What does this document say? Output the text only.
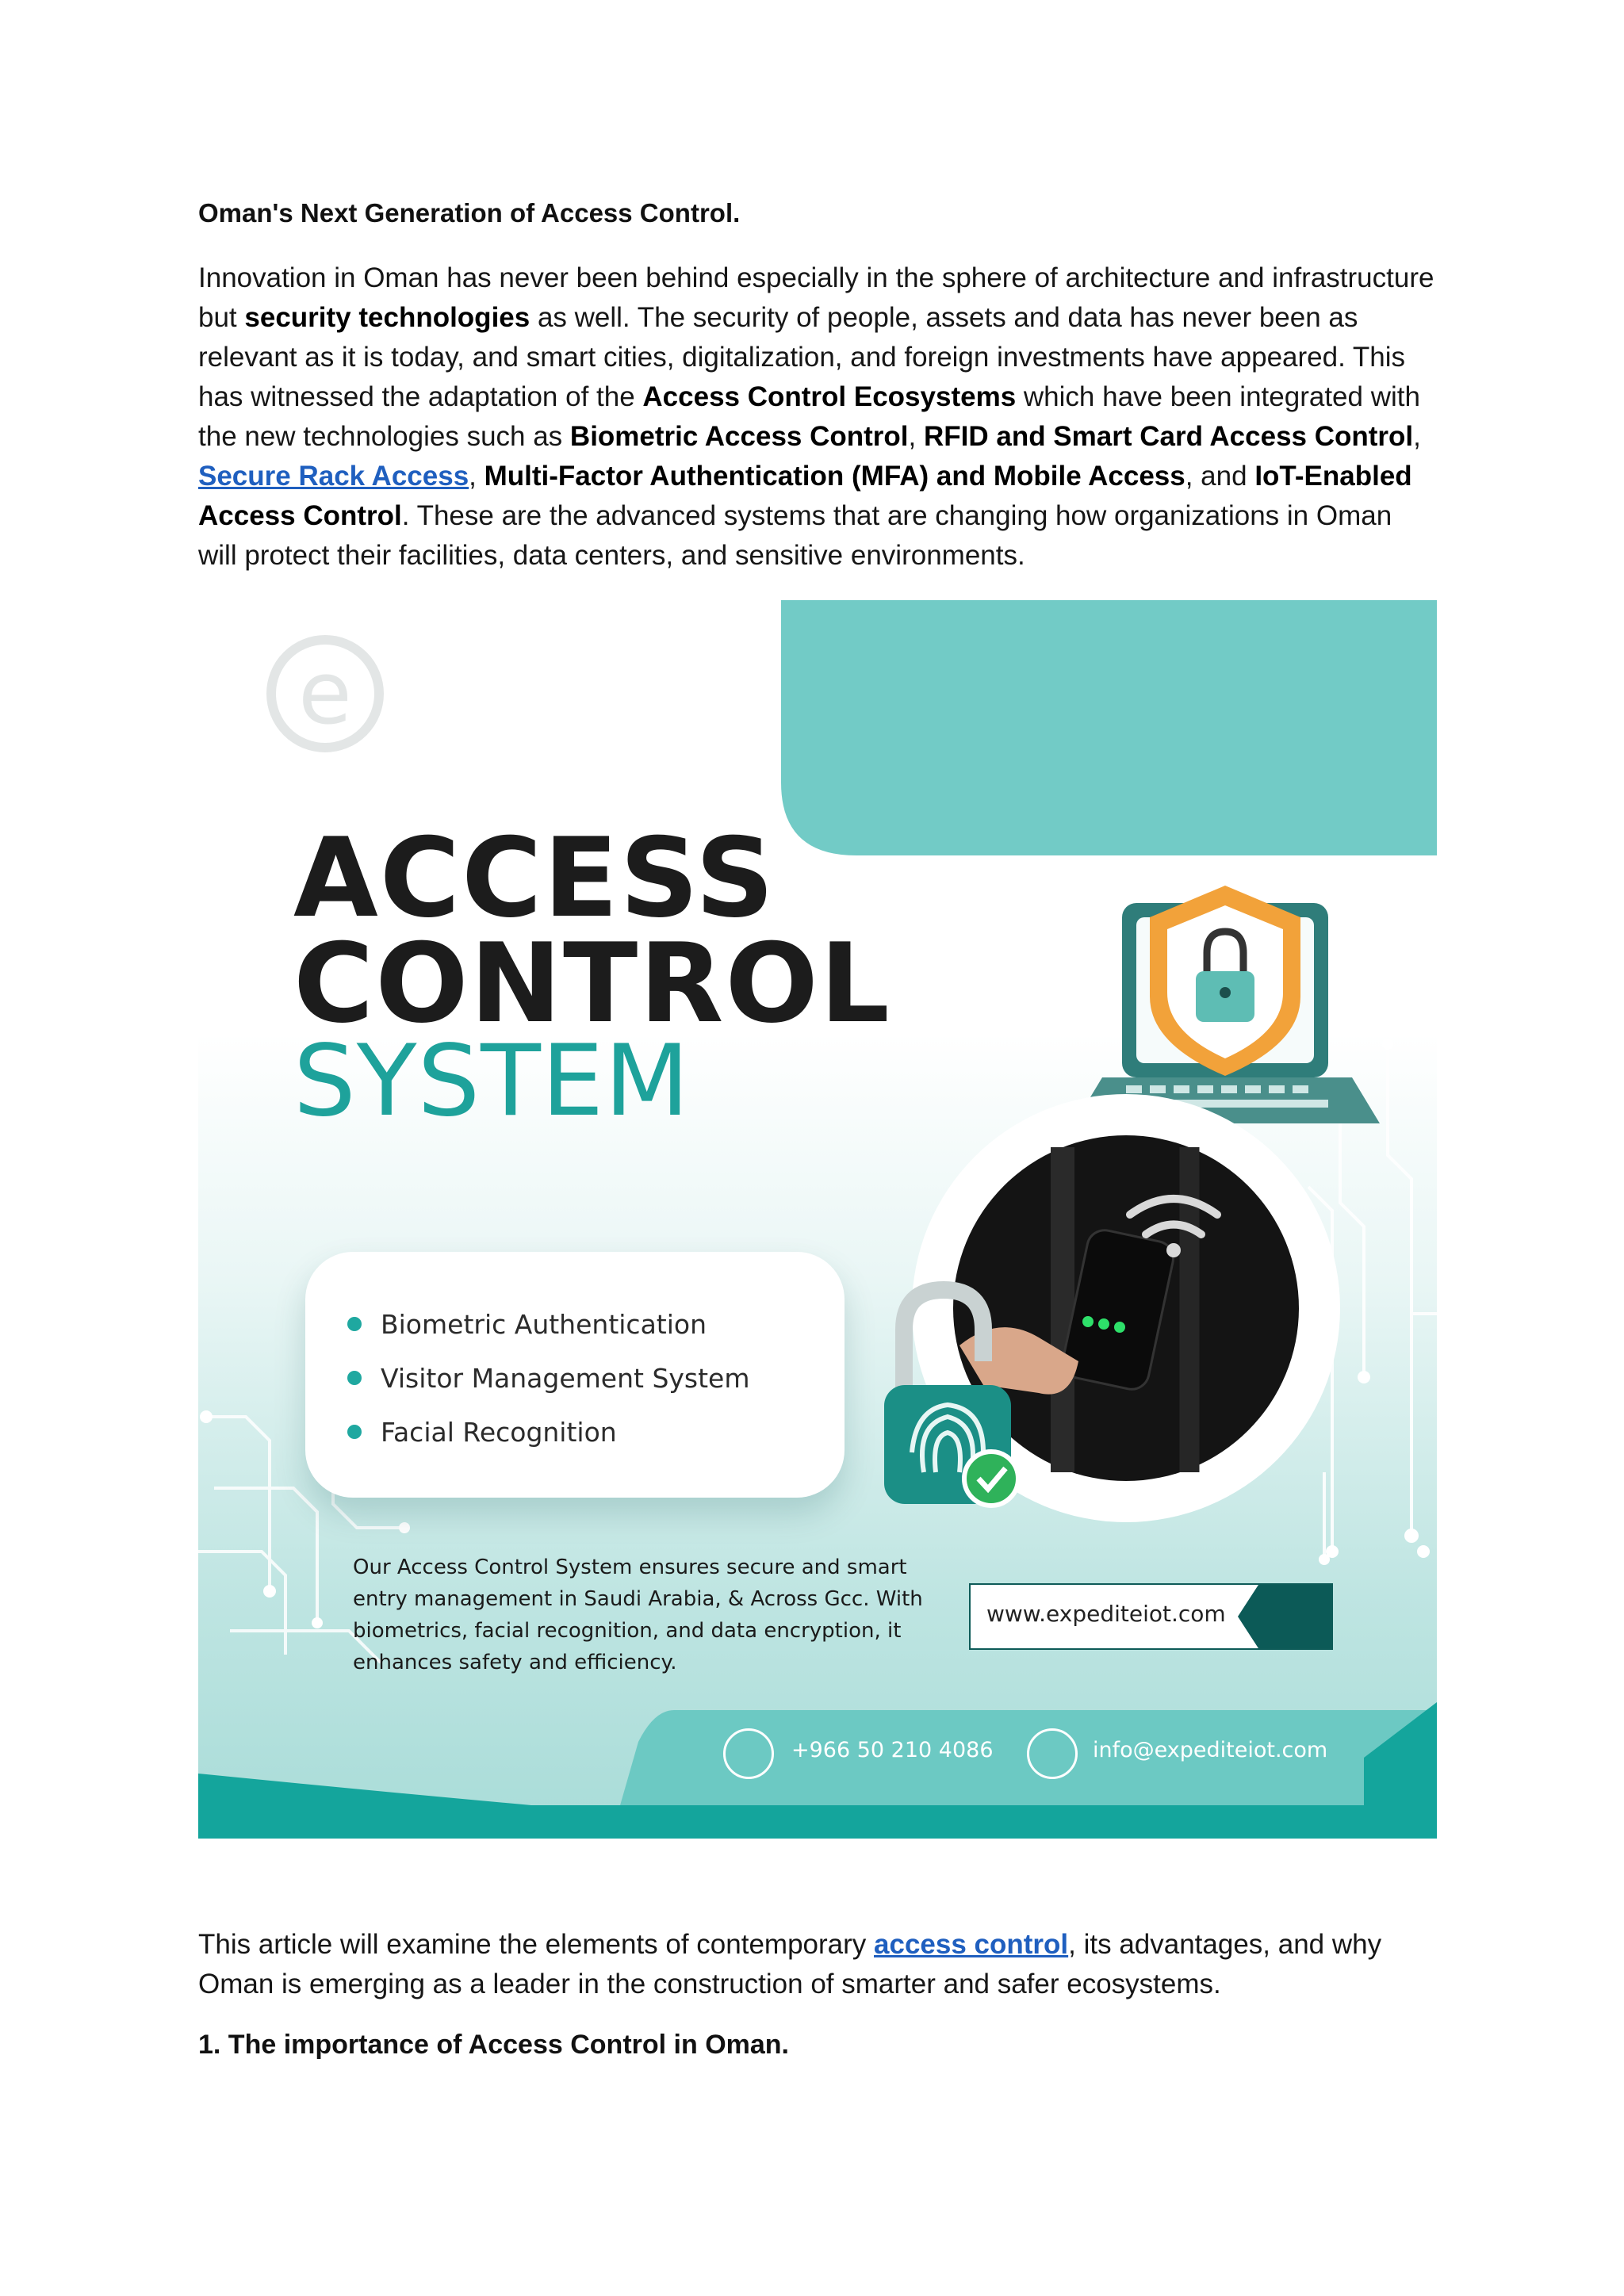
Oman's Next Generation of Access Control.

Innovation in Oman has never been behind especially in the sphere of architecture and infrastructure but security technologies as well. The security of people, assets and data has never been as relevant as it is today, and smart cities, digitalization, and foreign investments have appeared. This has witnessed the adaptation of the Access Control Ecosystems which have been integrated with the new technologies such as Biometric Access Control, RFID and Smart Card Access Control, Secure Rack Access, Multi-Factor Authentication (MFA) and Mobile Access, and IoT-Enabled Access Control. These are the advanced systems that are changing how organizations in Oman will protect their facilities, data centers, and sensitive environments.

e
ACCESS
CONTROL
SYSTEM
Biometric Authentication
Visitor Management System
Facial Recognition
Our Access Control System ensures secure and smart entry management in Saudi Arabia, & Across Gcc. With biometrics, facial recognition, and data encryption, it enhances safety and efficiency.
www.expediteiot.com
+966 50 210 4086	info@expediteiot.com

This article will examine the elements of contemporary access control, its advantages, and why Oman is emerging as a leader in the construction of smarter and safer ecosystems.

1. The importance of Access Control in Oman.
